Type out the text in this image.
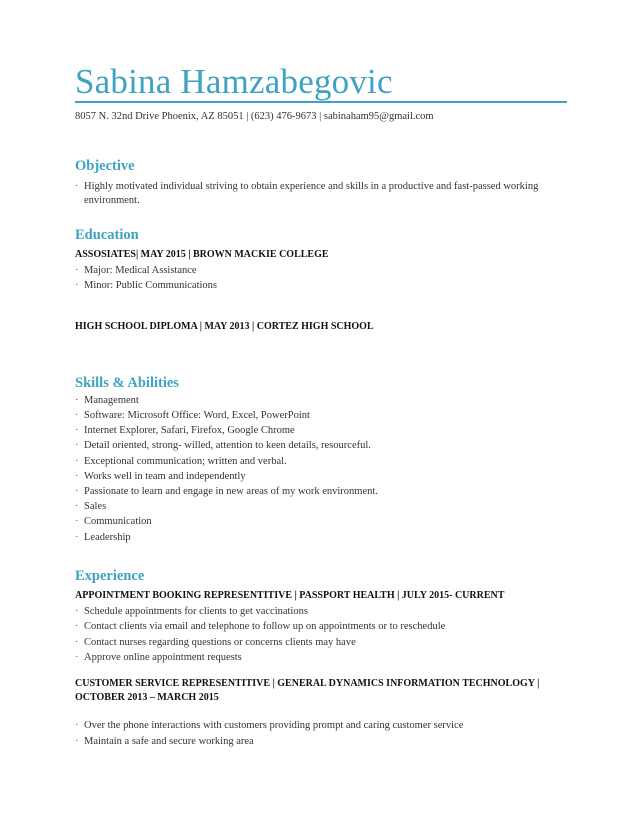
Sabina Hamzabegovic
8057 N. 32nd Drive Phoenix, AZ 85051 | (623) 476-9673 | sabinaham95@gmail.com
Objective
· Highly motivated individual striving to obtain experience and skills in a productive and fast-passed working environment.
Education
ASSOSIATES| MAY 2015 | BROWN MACKIE COLLEGE
· Major: Medical Assistance
· Minor: Public Communications
HIGH SCHOOL DIPLOMA | MAY 2013 | CORTEZ HIGH SCHOOL
Skills & Abilities
· Management
· Software: Microsoft Office: Word, Excel, PowerPoint
· Internet Explorer, Safari, Firefox, Google Chrome
· Detail oriented, strong- willed, attention to keen details, resourceful.
· Exceptional communication; written and verbal.
· Works well in team and independently
· Passionate to learn and engage in new areas of my work environment.
· Sales
· Communication
· Leadership
Experience
APPOINTMENT BOOKING REPRESENTITIVE | PASSPORT HEALTH | JULY 2015- CURRENT
· Schedule appointments for clients to get vaccinations
· Contact clients via email and telephone to follow up on appointments or to reschedule
· Contact nurses regarding questions or concerns clients may have
· Approve online appointment requests
CUSTOMER SERVICE REPRESENTITIVE | GENERAL DYNAMICS INFORMATION TECHNOLOGY | OCTOBER 2013 – MARCH 2015
· Over the phone interactions with customers providing prompt and caring customer service
· Maintain a safe and secure working area
